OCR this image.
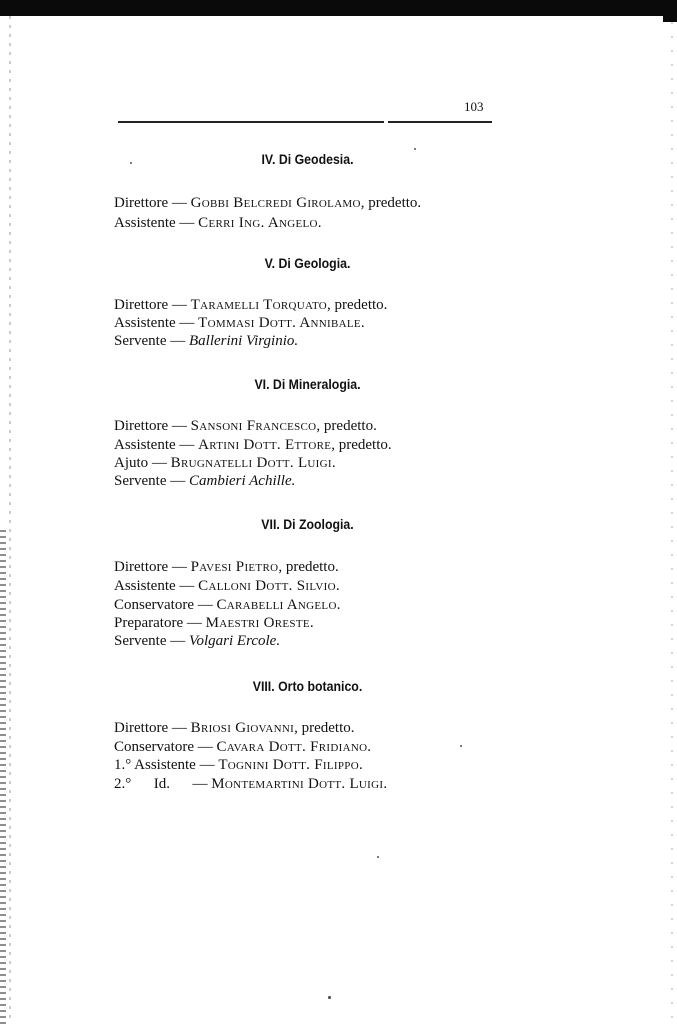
103
IV. Di Geodesia.
Direttore — Gobbi Belcredi Girolamo, predetto.
Assistente — Cerri Ing. Angelo.
V. Di Geologia.
Direttore — Taramelli Torquato, predetto.
Assistente — Tommasi Dott. Annibale.
Servente — Ballerini Virginio.
VI. Di Mineralogia.
Direttore — Sansoni Francesco, predetto.
Assistente — Artini Dott. Ettore, predetto.
Ajuto — Brugnatelli Dott. Luigi.
Servente — Cambieri Achille.
VII. Di Zoologia.
Direttore — Pavesi Pietro, predetto.
Assistente — Calloni Dott. Silvio.
Conservatore — Carabelli Angelo.
Preparatore — Maestri Oreste.
Servente — Volgari Ercole.
VIII. Orto botanico.
Direttore — Briosi Giovanni, predetto.
Conservatore — Cavara Dott. Fridiano.
1.° Assistente — Tognini Dott. Filippo.
2.°      Id.      — Montemartini Dott. Luigi.
